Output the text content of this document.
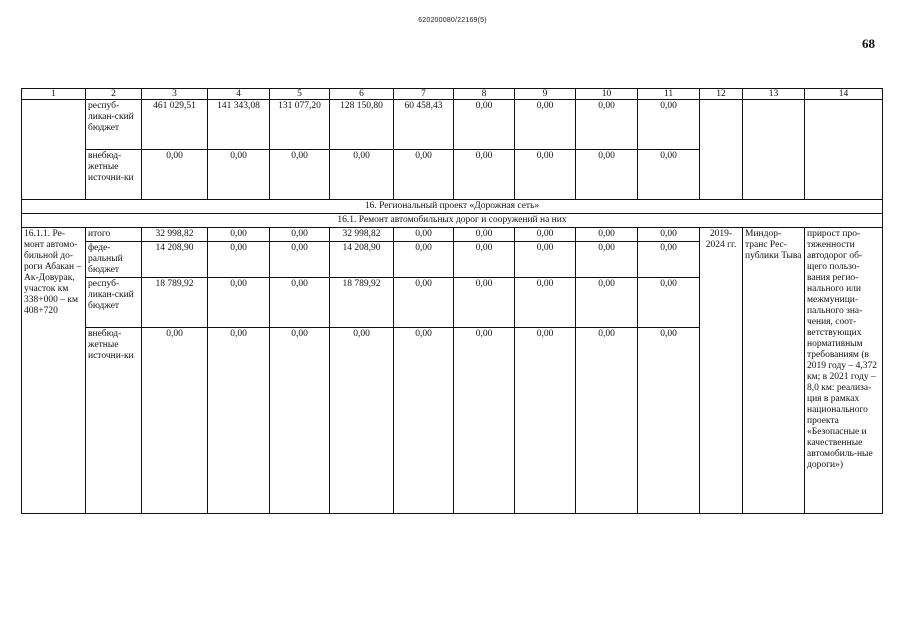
620200080/22169(5)
68
1	2	3	4	5	6	7	8	9	10	11	12	13	14
	респуб-ликан-ский бюджет	461 029,51	141 343,08	131 077,20	128 150,80	60 458,43	0,00	0,00	0,00	0,00			
	внебюд-жетные источни-ки	0,00	0,00	0,00	0,00	0,00	0,00	0,00	0,00	0,00			
16. Региональный проект «Дорожная сеть»													
16.1. Ремонт автомобильных дорог и сооружений на них													
16.1.1. Ре-монт автомо-бильной до-роги Абакан – Ак-Довурак, участок км 338+000 – км 408+720	итого	32 998,82	0,00	0,00	32 998,82	0,00	0,00	0,00	0,00	0,00	2019-2024 гг.	Миндор-транс Рес-публики Тыва	прирост про-тяженности автодорог об-щего пользо-вания регио-нального или межмуници-пального зна-чения, соот-ветствующих нормативным требованиям (в 2019 году – 4,372 км; в 2021 году – 8,0 км: реализа-ция в рамках национального проекта «Безопасные и качественные автомобиль-ные дороги»)
	феде-ральный бюджет	14 208,90	0,00	0,00	14 208,90	0,00	0,00	0,00	0,00	0,00			
	респуб-ликан-ский бюджет	18 789,92	0,00	0,00	18 789,92	0,00	0,00	0,00	0,00	0,00			
	внебюд-жетные источни-ки	0,00	0,00	0,00	0,00	0,00	0,00	0,00	0,00	0,00			
